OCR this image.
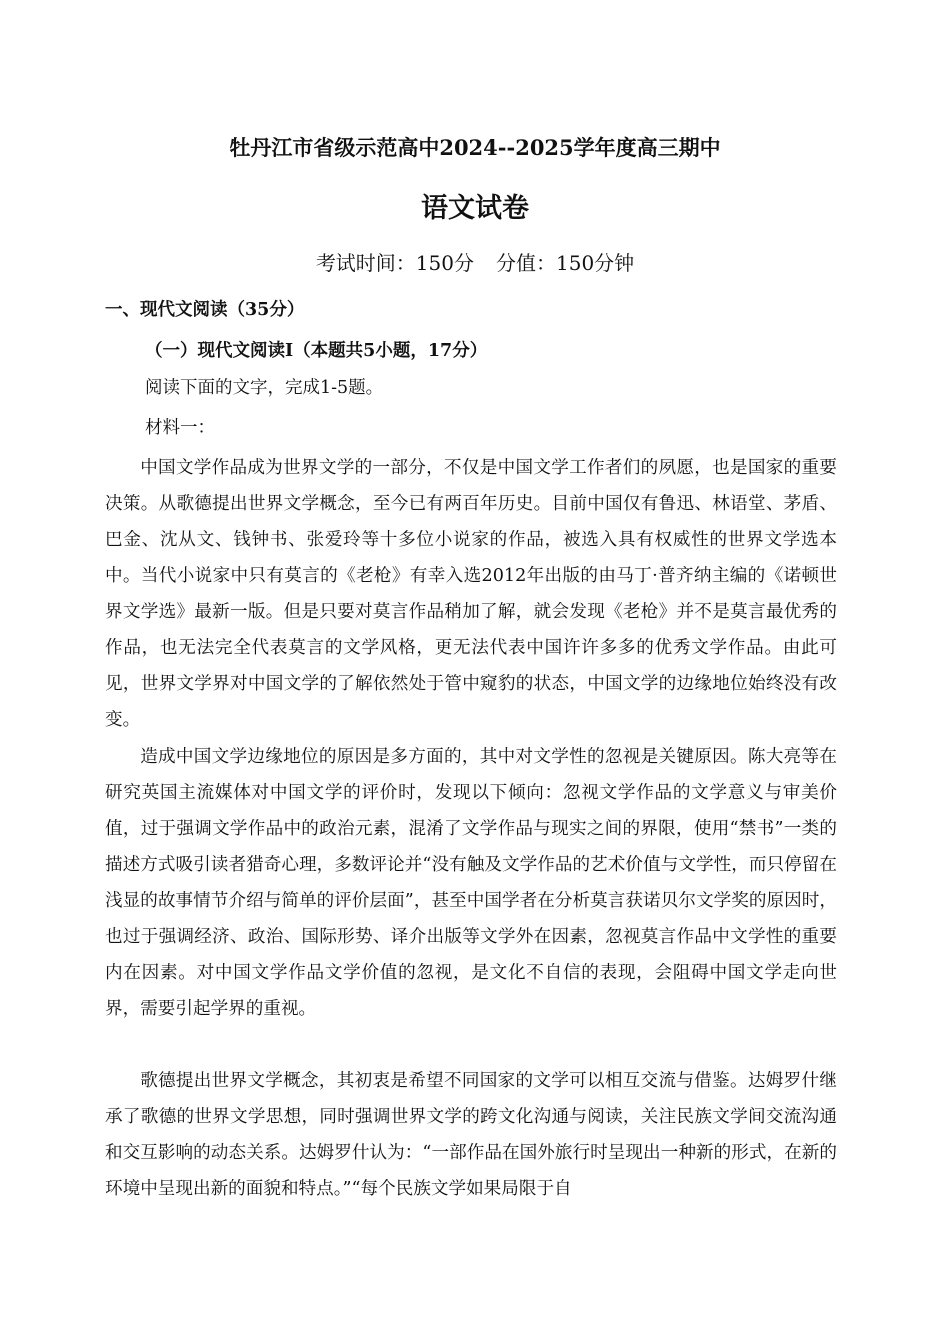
牡丹江市省级示范高中2024--2025学年度高三期中
语文试卷
考试时间：150分 分值：150分钟
一、现代文阅读（35分）
（一）现代文阅读Ⅰ（本题共5小题，17分）
阅读下面的文字，完成1-5题。
材料一：

中国文学作品成为世界文学的一部分，不仅是中国文学工作者们的夙愿，也是国家的重要决策。从歌德提出世界文学概念，至今已有两百年历史。目前中国仅有鲁迅、林语堂、茅盾、巴金、沈从文、钱钟书、张爱玲等十多位小说家的作品，被选入具有权威性的世界文学选本中。当代小说家中只有莫言的《老枪》有幸入选2012年出版的由马丁·普齐纳主编的《诺顿世界文学选》最新一版。但是只要对莫言作品稍加了解，就会发现《老枪》并不是莫言最优秀的作品，也无法完全代表莫言的文学风格，更无法代表中国许许多多的优秀文学作品。由此可见，世界文学界对中国文学的了解依然处于管中窥豹的状态，中国文学的边缘地位始终没有改变。

造成中国文学边缘地位的原因是多方面的，其中对文学性的忽视是关键原因。陈大亮等在研究英国主流媒体对中国文学的评价时，发现以下倾向：忽视文学作品的文学意义与审美价值，过于强调文学作品中的政治元素，混淆了文学作品与现实之间的界限，使用“禁书”一类的描述方式吸引读者猎奇心理，多数评论并“没有触及文学作品的艺术价值与文学性，而只停留在浅显的故事情节介绍与简单的评价层面”，甚至中国学者在分析莫言获诺贝尔文学奖的原因时，也过于强调经济、政治、国际形势、译介出版等文学外在因素，忽视莫言作品中文学性的重要内在因素。对中国文学作品文学价值的忽视，是文化不自信的表现，会阻碍中国文学走向世界，需要引起学界的重视。

歌德提出世界文学概念，其初衷是希望不同国家的文学可以相互交流与借鉴。达姆罗什继承了歌德的世界文学思想，同时强调世界文学的跨文化沟通与阅读，关注民族文学间交流沟通和交互影响的动态关系。达姆罗什认为：“一部作品在国外旅行时呈现出一种新的形式，在新的环境中呈现出新的面貌和特点。”“每个民族文学如果局限于自
